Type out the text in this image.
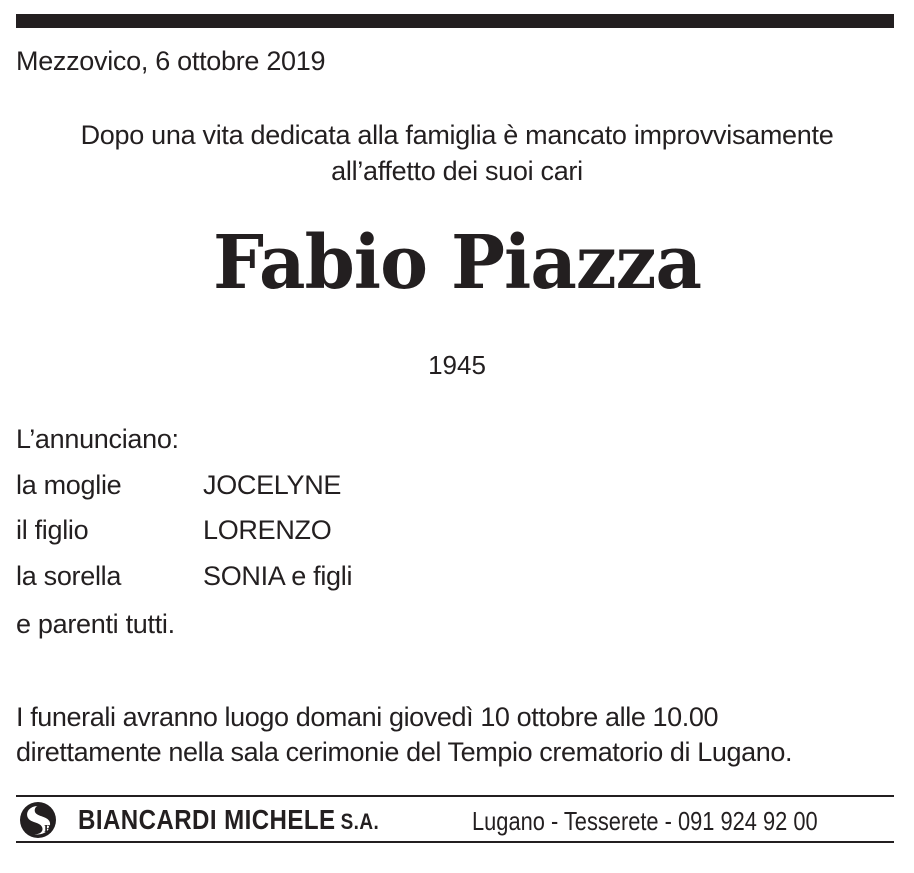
Mezzovico, 6 ottobre 2019
Dopo una vita dedicata alla famiglia è mancato improvvisamente
all’affetto dei suoi cari
Fabio Piazza
1945
L’annunciano:
la moglie	JOCELYNE
il figlio	LORENZO
la sorella	SONIA e figli
e parenti tutti.
I funerali avranno luogo domani giovedì 10 ottobre alle 10.00
direttamente nella sala cerimonie del Tempio crematorio di Lugano.
B BIANCARDI MICHELE S.A.	Lugano - Tesserete - 091 924 92 00
